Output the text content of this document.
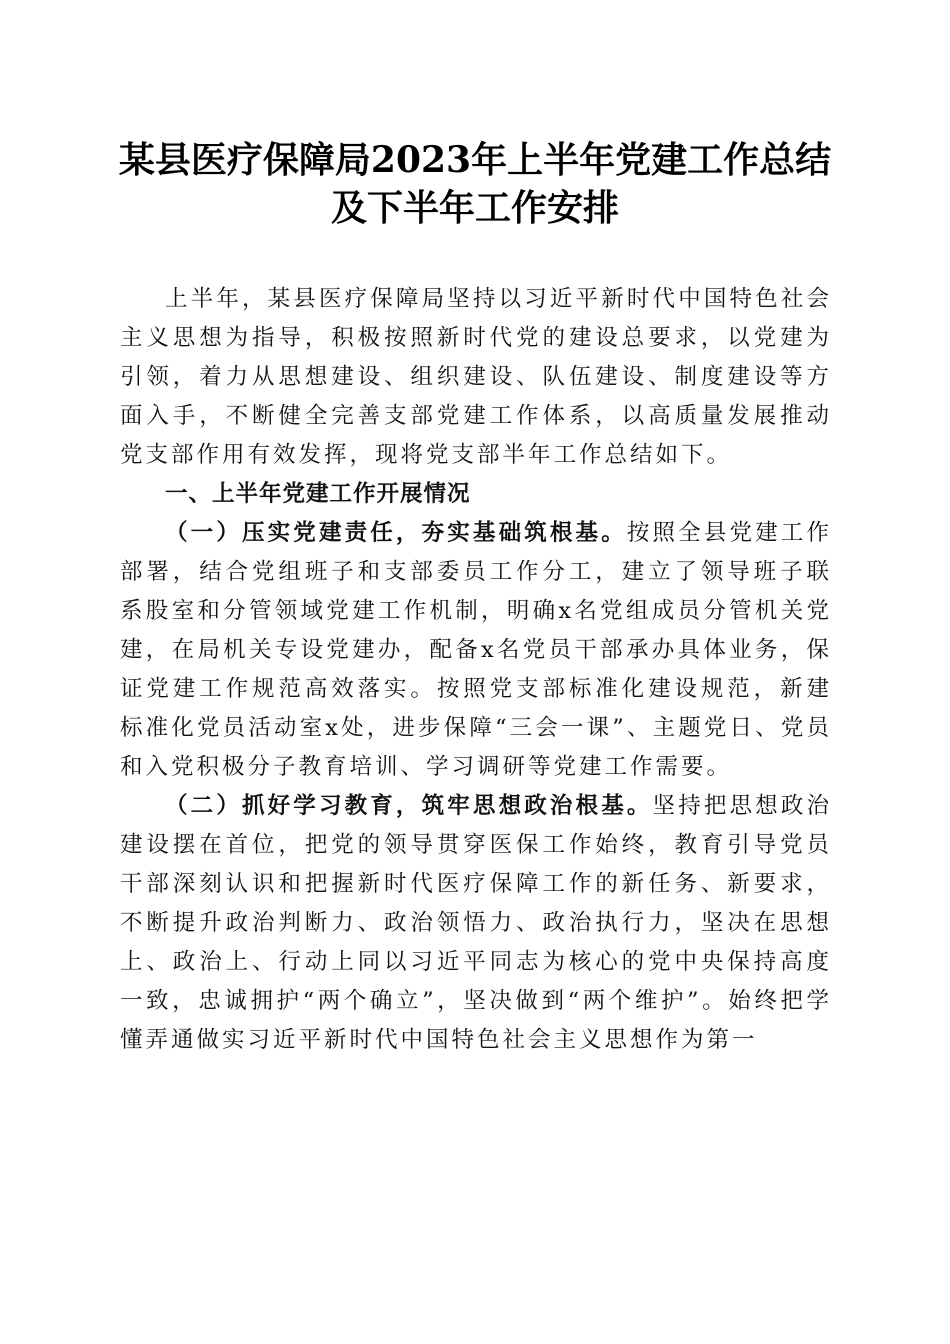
某县医疗保障局2023年上半年党建工作总结
及下半年工作安排

上半年，某县医疗保障局坚持以习近平新时代中国特色社会主义思想为指导，积极按照新时代党的建设总要求，以党建为引领，着力从思想建设、组织建设、队伍建设、制度建设等方面入手，不断健全完善支部党建工作体系，以高质量发展推动党支部作用有效发挥，现将党支部半年工作总结如下。

一、上半年党建工作开展情况

（一）压实党建责任，夯实基础筑根基。按照全县党建工作部署，结合党组班子和支部委员工作分工，建立了领导班子联系股室和分管领域党建工作机制，明确x名党组成员分管机关党建，在局机关专设党建办，配备x名党员干部承办具体业务，保证党建工作规范高效落实。按照党支部标准化建设规范，新建标准化党员活动室x处，进步保障“三会一课”、主题党日、党员和入党积极分子教育培训、学习调研等党建工作需要。

（二）抓好学习教育，筑牢思想政治根基。坚持把思想政治建设摆在首位，把党的领导贯穿医保工作始终，教育引导党员干部深刻认识和把握新时代医疗保障工作的新任务、新要求，不断提升政治判断力、政治领悟力、政治执行力，坚决在思想上、政治上、行动上同以习近平同志为核心的党中央保持高度一致，忠诚拥护“两个确立”，坚决做到“两个维护”。始终把学懂弄通做实习近平新时代中国特色社会主义思想作为第一
